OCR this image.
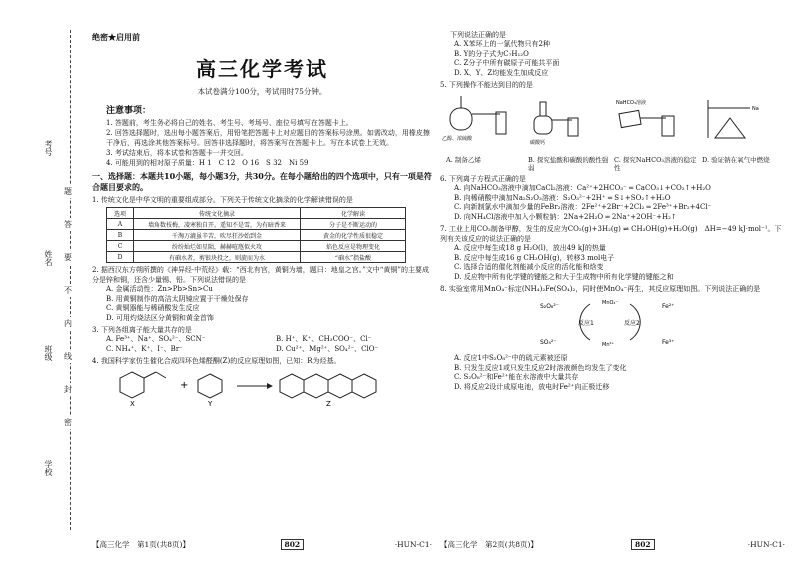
考号
姓名
班级
学校
题
答
要
不
内
线
封
密
绝密★启用前
高三化学考试
本试卷满分100分，考试用时75分钟。
注意事项：

1. 答题前，考生务必将自己的姓名、考生号、考场号、座位号填写在答题卡上。

2. 回答选择题时，选出每小题答案后，用铅笔把答题卡上对应题目的答案标号涂黑。如需改动，用橡皮擦干净后，再选涂其他答案标号。回答非选择题时，将答案写在答题卡上。写在本试卷上无效。

3. 考试结束后，将本试卷和答题卡一并交回。

4. 可能用到的相对原子质量：H 1　C 12　O 16　S 32　Ni 59

一、选择题：本题共10小题，每小题3分，共30分。在每小题给出的四个选项中，只有一项是符合题目要求的。

1. 传统文化是中华文明的重要组成部分。下列关于传统文化摘录的化学解读错误的是

选项	传统文化摘录	化学解读
A	墙角数枝梅，凌寒独自开。遥知不是雪，为有暗香来	分子是不断运动的
B	千淘万漉虽辛苦，吹尽狂沙始到金	黄金的化学性质很稳定
C	纷纷灿烂如星陨，赫赫喧豗似火攻	焰色反应是物理变化
D	有硇水者，剪银块投之，则旋而为水	“硇水”指盐酸

2. 据西汉东方朔所撰的《神异经·中荒经》载：“西北有宫，黄铜为墙，题曰：地皇之宫。”文中“黄铜”的主要成分是锌和铜，还含少量锡、铅。下列说法错误的是

A. 金属活动性：Zn>Pb>Sn>Cu

B. 用黄铜制作的高洁太阴镜应置于干燥处保存

C. 黄铜器能与稀硝酸发生反应

D. 可用灼烧法区分黄铜和黄金首饰

3. 下列各组离子能大量共存的是

A. Fe³⁺、Na⁺、SO₄²⁻、SCN⁻	B. H⁺、K⁺、CH₃COO⁻、Cl⁻

C. NH₄⁺、K⁺、I⁻、Br⁻	D. Cu²⁺、Mg²⁺、SO₄²⁻、ClO⁻

4. 我国科学家仿生催化合成四环色烯醛酮(Z)的反应原理如图，已知：R为烃基。

X
+
Y	Z
【高三化学　第1页(共8页)】	802	·HUN-C1·

下列说法正确的是

A. X苯环上的一氯代物只有2种

B. Y的分子式为C₇H₁₂O

C. Z分子中所有碳原子可能共平面

D. X、Y、Z均能发生加成反应

5. 下列操作不能达到目的的是

乙醇、浓硫酸
碳酸钙
NaHCO₃溶液
Na
A. 制备乙烯	B. 探究盐酸和碳酸的酸性强弱
C. 探究NaHCO₃溶液的稳定性
D. 验证钠在氧气中燃烧

6. 下列离子方程式正确的是

A. 向NaHCO₃溶液中滴加CaCl₂溶液：Ca²⁺+2HCO₃⁻ ═ CaCO₃↓+CO₂↑+H₂O

B. 向稀硝酸中滴加Na₂S₂O₃溶液：S₂O₃²⁻+2H⁺ ═ S↓+SO₂↑+H₂O

C. 向新制氯水中滴加少量的FeBr₂溶液：2Fe²⁺+2Br⁻+2Cl₂ ═ 2Fe³⁺+Br₂+4Cl⁻

D. 向NH₄Cl溶液中加入小颗粒钠：2Na+2H₂O ═ 2Na⁺+2OH⁻+H₂↑

7. 工业上用CO₂制备甲醇，发生的反应为CO₂(g)+3H₂(g) ⇌ CH₃OH(g)+H₂O(g)　ΔH=−49 kJ·mol⁻¹。下列有关该反应的说法正确的是

A. 反应中每生成18 g H₂O(l)，放出49 kJ的热量

B. 反应中每生成16 g CH₃OH(g)，转移3 mol电子

C. 选择合适的催化剂能减小反应的活化能和焓变

D. 反应物中所有化学键的键能之和大于生成物中所有化学键的键能之和

8. 实验室常用MnO₄⁻标定(NH₄)₂Fe(SO₄)₂，同时使MnO₄⁻再生，其反应原理如图。下列说法正确的是

S₂O₈²⁻
SO₄²⁻
MnO₄⁻
Mn²⁺
Fe²⁺
Fe³⁺
反应1	反应2

A. 反应1中S₂O₈²⁻中的硫元素被还原

B. 只发生反应1或只发生反应2时溶液颜色均发生了变化

C. S₂O₈²⁻和Fe²⁺能在水溶液中大量共存

D. 将反应2设计成原电池，放电时Fe²⁺向正极迁移

【高三化学　第2页(共8页)】	802	·HUN-C1·
